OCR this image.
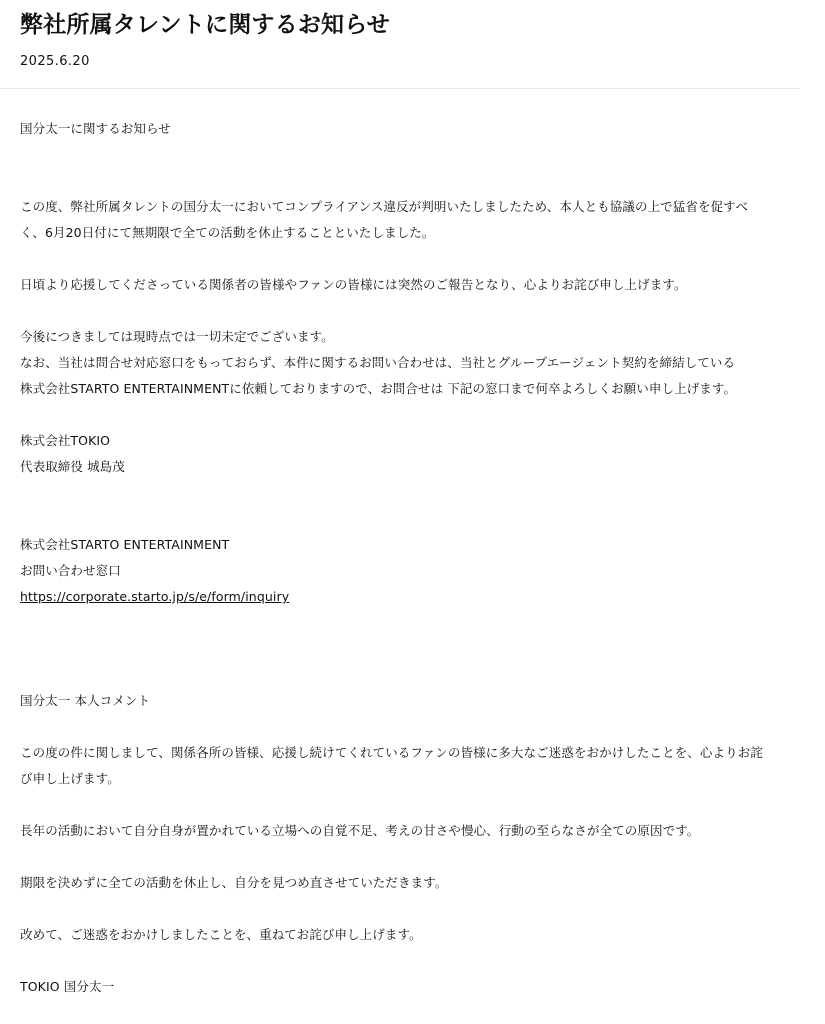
弊社所属タレントに関するお知らせ
2025.6.20
国分太一に関するお知らせ
この度、弊社所属タレントの国分太一においてコンプライアンス違反が判明いたしましたため、本人とも協議の上で猛省を促すべ
く、6月20日付にて無期限で全ての活動を休止することといたしました。
日頃より応援してくださっている関係者の皆様やファンの皆様には突然のご報告となり、心よりお詫び申し上げます。
今後につきましては現時点では一切未定でございます。
なお、当社は問合せ対応窓口をもっておらず、本件に関するお問い合わせは、当社とグループエージェント契約を締結している
株式会社STARTO ENTERTAINMENTに依頼しておりますので、お問合せは 下記の窓口まで何卒よろしくお願い申し上げます。
株式会社TOKIO
代表取締役 城島茂
株式会社STARTO ENTERTAINMENT
お問い合わせ窓口
https://corporate.starto.jp/s/e/form/inquiry
国分太一 本人コメント
この度の件に関しまして、関係各所の皆様、応援し続けてくれているファンの皆様に多大なご迷惑をおかけしたことを、心よりお詫
び申し上げます。
長年の活動において自分自身が置かれている立場への自覚不足、考えの甘さや慢心、行動の至らなさが全ての原因です。
期限を決めずに全ての活動を休止し、自分を見つめ直させていただきます。
改めて、ご迷惑をおかけしましたことを、重ねてお詫び申し上げます。
TOKIO 国分太一
